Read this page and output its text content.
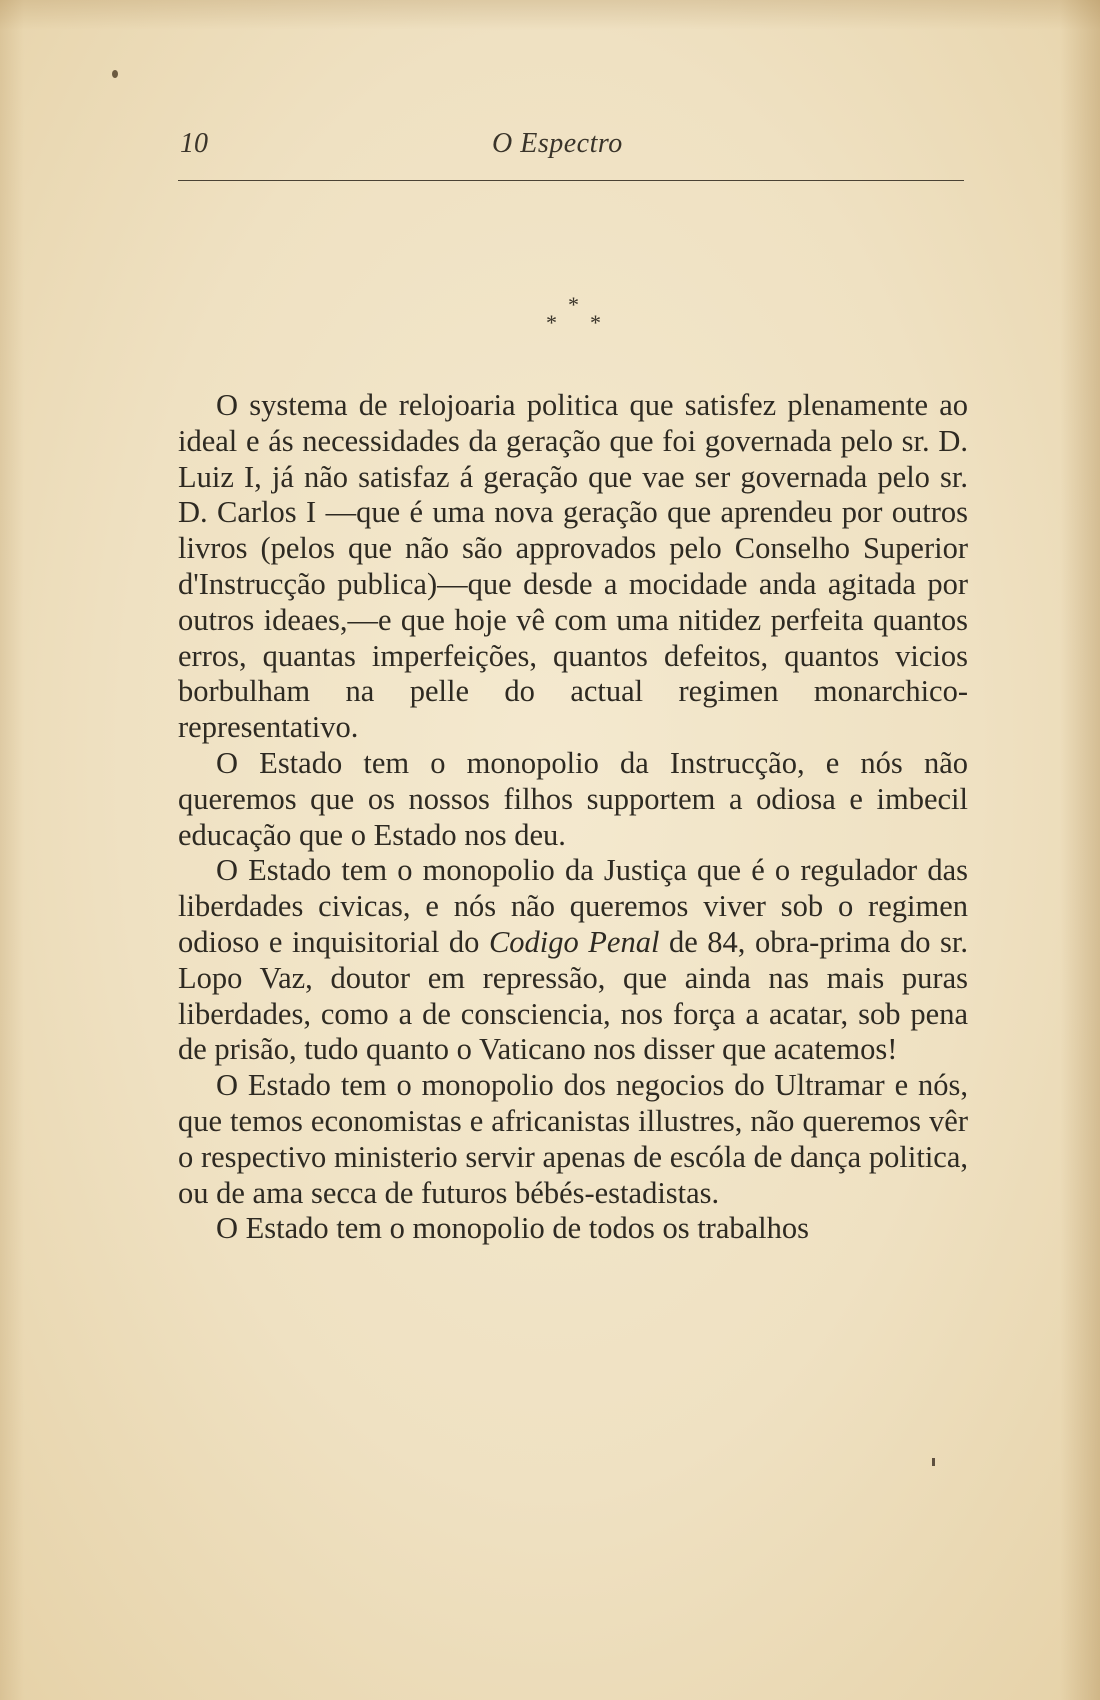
10	O Espectro
*
* *

O systema de relojoaria politica que satisfez plenamente ao ideal e ás necessidades da geração que foi governada pelo sr. D. Luiz I, já não satisfaz á geração que vae ser governada pelo sr. D. Carlos I —que é uma nova geração que aprendeu por outros livros (pelos que não são approvados pelo Conselho Superior d'Instrucção publica)—que desde a mocidade anda agitada por outros ideaes,—e que hoje vê com uma nitidez perfeita quantos erros, quantas imperfeições, quantos defeitos, quantos vicios borbulham na pelle do actual regimen monarchico-representativo.

O Estado tem o monopolio da Instrucção, e nós não queremos que os nossos filhos supportem a odiosa e imbecil educação que o Estado nos deu.

O Estado tem o monopolio da Justiça que é o regulador das liberdades civicas, e nós não queremos viver sob o regimen odioso e inquisitorial do Codigo Penal de 84, obra-prima do sr. Lopo Vaz, doutor em repressão, que ainda nas mais puras liberdades, como a de consciencia, nos força a acatar, sob pena de prisão, tudo quanto o Vaticano nos disser que acatemos!

O Estado tem o monopolio dos negocios do Ultramar e nós, que temos economistas e africanistas illustres, não queremos vêr o respectivo ministerio servir apenas de escóla de dança politica, ou de ama secca de futuros bébés-estadistas.

O Estado tem o monopolio de todos os trabalhos
